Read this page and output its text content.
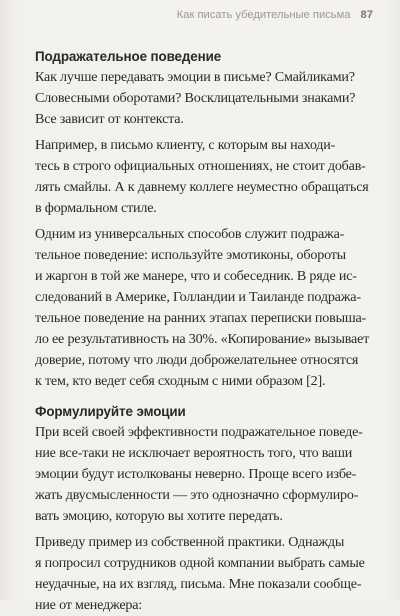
Как писать убедительные письма 87
Подражательное поведение
Как лучше передавать эмоции в письме? Смайликами?
Словесными оборотами? Восклицательными знаками?
Все зависит от контекста.
Например, в письмо клиенту, с которым вы находи-
тесь в строго официальных отношениях, не стоит добав-
лять смайлы. А к давнему коллеге неуместно обращаться
в формальном стиле.
Одним из универсальных способов служит подража-
тельное поведение: используйте эмотиконы, обороты
и жаргон в той же манере, что и собеседник. В ряде ис-
следований в Америке, Голландии и Таиланде подража-
тельное поведение на ранних этапах переписки повыша-
ло ее результативность на 30%. «Копирование» вызывает
доверие, потому что люди доброжелательнее относятся
к тем, кто ведет себя сходным с ними образом [2].
Формулируйте эмоции
При всей своей эффективности подражательное поведе-
ние все-таки не исключает вероятность того, что ваши
эмоции будут истолкованы неверно. Проще всего избе-
жать двусмысленности — это однозначно сформулиро-
вать эмоцию, которую вы хотите передать.
Приведу пример из собственной практики. Однажды
я попросил сотрудников одной компании выбрать самые
неудачные, на их взгляд, письма. Мне показали сообще-
ние от менеджера:
